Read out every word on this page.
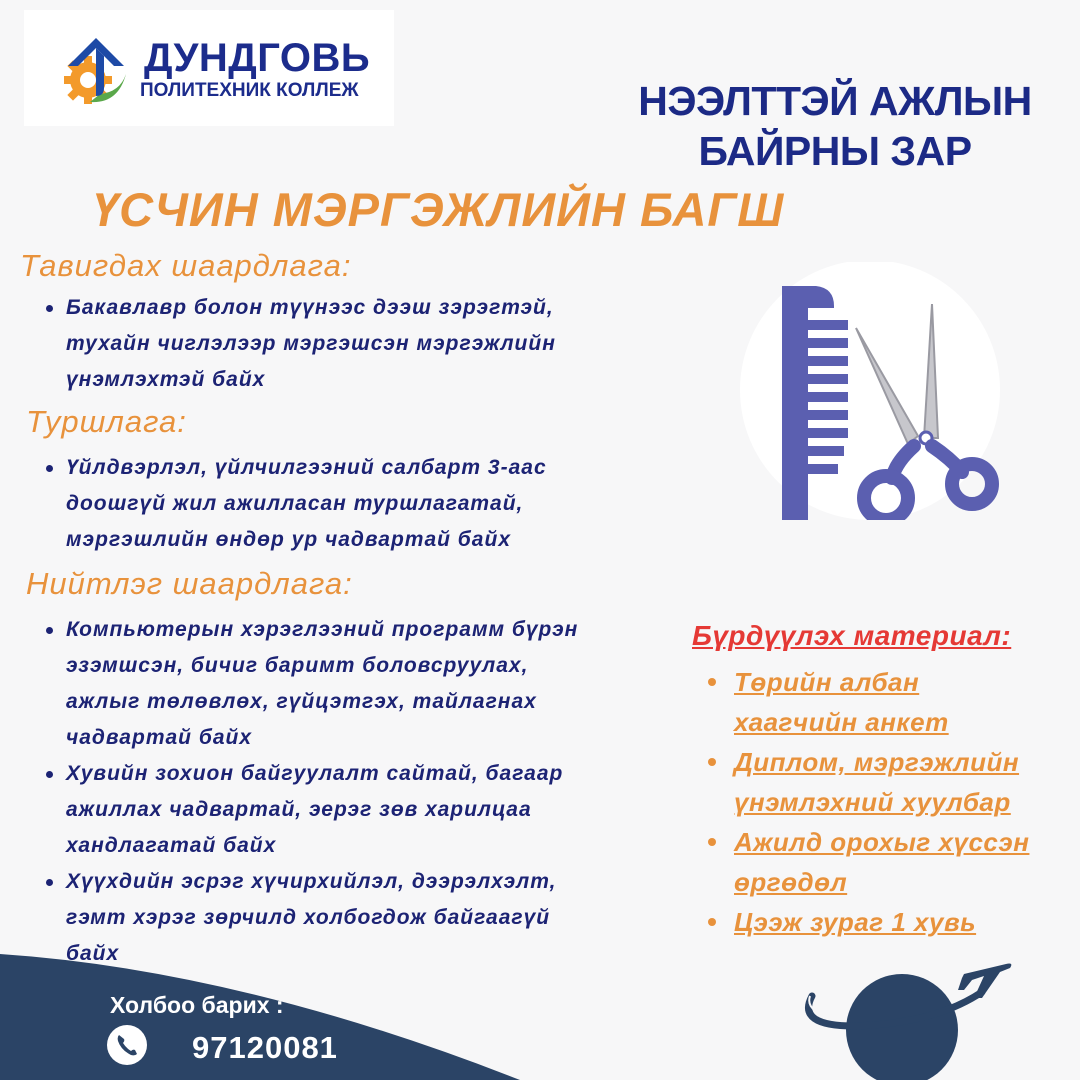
ДУНДГОВЬ
ПОЛИТЕХНИК КОЛЛЕЖ	НЭЭЛТТЭЙ АЖЛЫН
БАЙРНЫ ЗАР
ҮСЧИН МЭРГЭЖЛИЙН БАГШ
Тавигдах шаардлага:
Бакавлавр болон түүнээс дээш зэрэгтэй,
тухайн чиглэлээр мэргэшсэн мэргэжлийн
үнэмлэхтэй байх
Туршлага:
Үйлдвэрлэл, үйлчилгээний салбарт 3-аас
доошгүй жил ажилласан туршлагатай,
мэргэшлийн өндөр ур чадвартай байх
Нийтлэг шаардлага:
Компьютерын хэрэглээний программ бүрэн
эзэмшсэн, бичиг баримт боловсруулах,
ажлыг төлөвлөх, гүйцэтгэх, тайлагнах
чадвартай байх
Хувийн зохион байгуулалт сайтай, багаар
ажиллах чадвартай, эерэг зөв харилцаа
хандлагатай байх
Хүүхдийн эсрэг хүчирхийлэл, дээрэлхэлт,
гэмт хэрэг зөрчилд холбогдож байгаагүй
байх
Бүрдүүлэх материал:
Төрийн албан
хаагчийн анкет
Диплом, мэргэжлийн
үнэмлэхний хуулбар
Ажилд орохыг хүссэн
өргөдөл
Цээж зураг 1 хувь
Холбоо барих :
97120081
